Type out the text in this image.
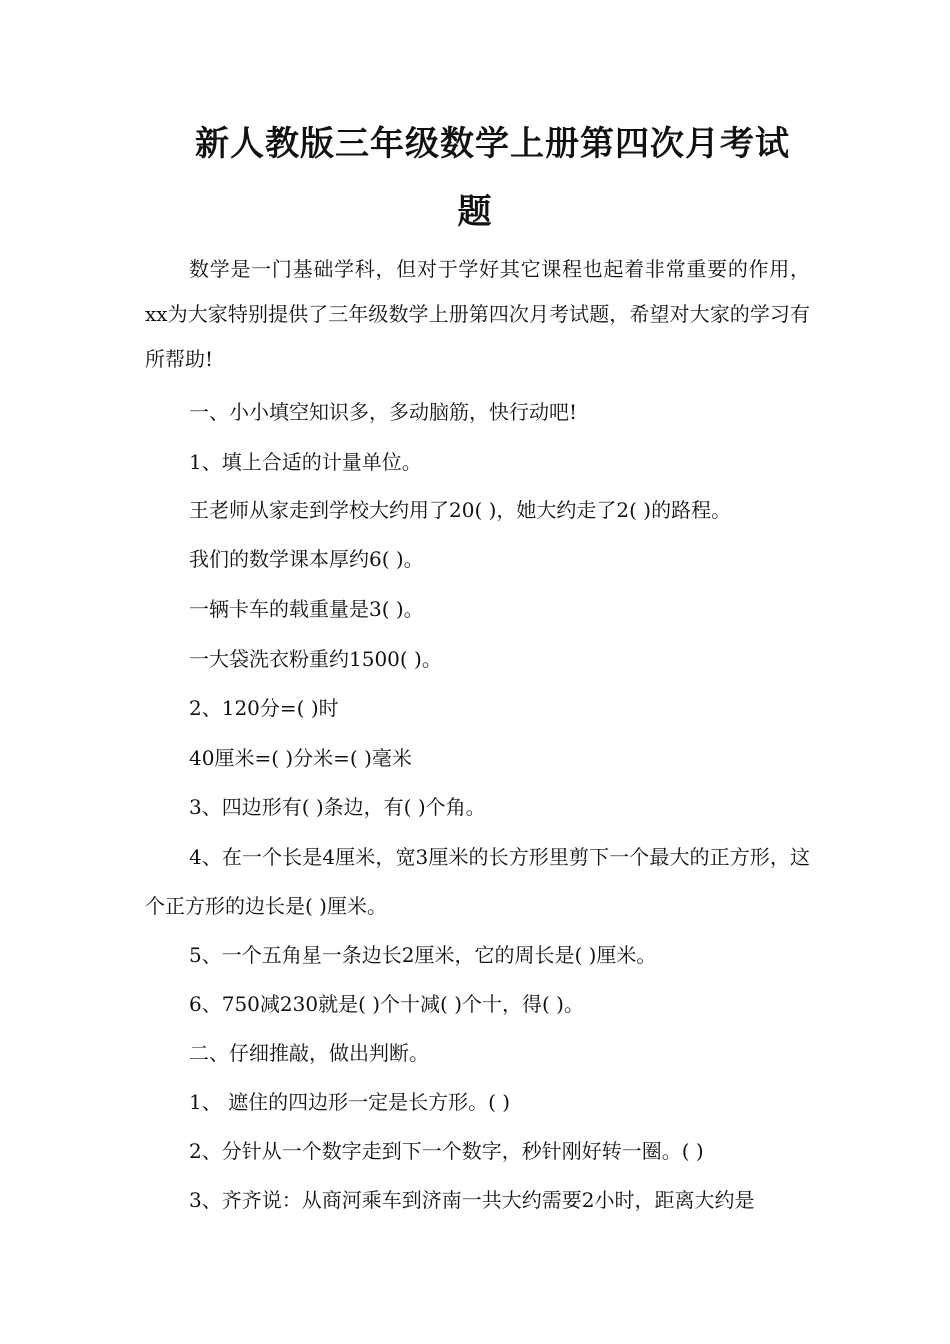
新人教版三年级数学上册第四次月考试
题
数学是一门基础学科，但对于学好其它课程也起着非常重要的作用，xx为大家特别提供了三年级数学上册第四次月考试题，希望对大家的学习有所帮助!
一、小小填空知识多，多动脑筋，快行动吧!
1、填上合适的计量单位。
王老师从家走到学校大约用了20( )，她大约走了2( )的路程。
我们的数学课本厚约6( )。
一辆卡车的载重量是3( )。
一大袋洗衣粉重约1500( )。
2、120分=( )时
40厘米=( )分米=( )毫米
3、四边形有( )条边，有( )个角。
4、在一个长是4厘米，宽3厘米的长方形里剪下一个最大的正方形，这个正方形的边长是( )厘米。
5、一个五角星一条边长2厘米，它的周长是( )厘米。
6、750减230就是( )个十减( )个十，得( )。
二、仔细推敲，做出判断。
1、 遮住的四边形一定是长方形。( )
2、分针从一个数字走到下一个数字，秒针刚好转一圈。( )
3、齐齐说：从商河乘车到济南一共大约需要2小时，距离大约是
